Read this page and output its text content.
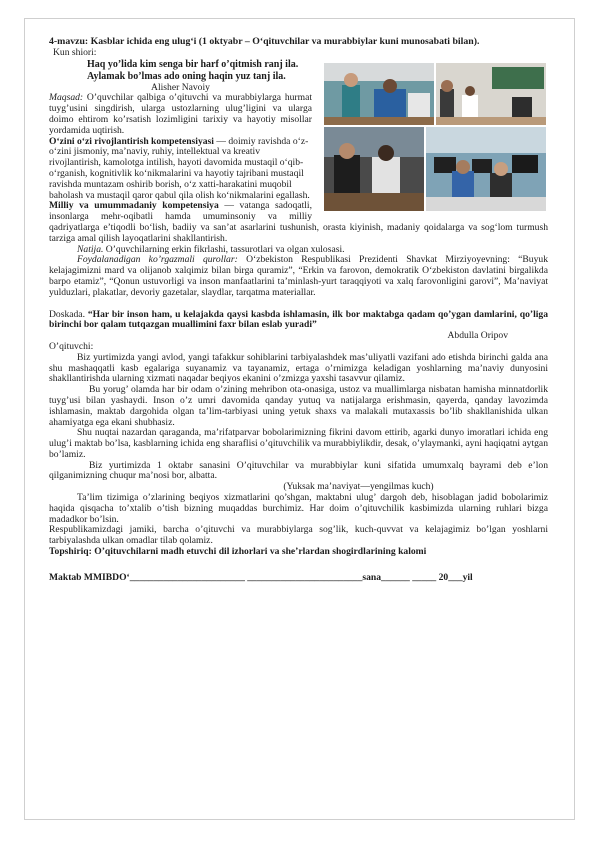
4-mavzu: Kasblar ichida eng ulug‘i (1 oktyabr – O‘qituvchilar va murabbiylar kuni munosabati bilan).

Kun shiori:

Haq yo’lida kim senga bir harf o’qitmish ranj ila.

Aylamak bo’lmas ado oning haqin yuz tanj ila.

Alisher Navoiy

Maqsad: O’quvchilar qalbiga o’qituvchi va murabbiylarga hurmat tuyg’usini singdirish, ularga ustozlarning ulug’ligini va ularga doimo ehtirom ko’rsatish lozimligini tarixiy va hayotiy misollar yordamida uqtirish.

O‘zini o‘zi rivojlantirish kompetensiyasi — doimiy ravishda o‘z-o‘zini jismoniy, ma’naviy, ruhiy, intellektual va kreativ rivojlantirish, kamolotga intilish, hayoti davomida mustaqil o‘qib-o‘rganish, kognitivlik ko‘nikmalarini va hayotiy tajribani mustaqil ravishda muntazam oshirib borish, o‘z xatti-harakatini muqobil baholash va mustaqil qaror qabul qila olish ko‘nikmalarini egallash.

Milliy va umummadaniy kompetensiya — vatanga sadoqatli, insonlarga mehr-oqibatli hamda umuminsoniy va milliy qadriyatlarga e’tiqodli bo‘lish, badiiy va san’at asarlarini tushunish, orasta kiyinish, madaniy qoidalarga va sog‘lom turmush tarziga amal qilish layoqatlarini shakllantirish.

Natija. O’quvchilarning erkin fikrlashi, tassurotlari va olgan xulosasi.

Foydalanadigan ko’rgazmali qurollar: O‘zbekiston Respublikasi Prezidenti Shavkat Mirziyoyevning: “Buyuk kelajagimizni mard va olijanob xalqimiz bilan birga quramiz”, “Erkin va farovon, demokratik O‘zbekiston davlatini birgalikda barpo etamiz”, “Qonun ustuvorligi va inson manfaatlarini ta’minlash-yurt taraqqiyoti va xalq farovonligini garovi”, Ma’naviyat yulduzlari, plakatlar, devoriy gazetalar, slaydlar, tarqatma materiallar.

Doskada. “Har bir inson ham, u kelajakda qaysi kasbda ishlamasin, ilk bor maktabga qadam qo’ygan damlarini, qo’liga birinchi bor qalam tutqazgan muallimini faxr bilan eslab yuradi”

Abdulla Oripov

O’qituvchi:

Biz yurtimizda yangi avlod, yangi tafakkur sohiblarini tarbiyalashdek mas’uliyatli vazifani ado etishda birinchi galda ana shu mashaqqatli kasb egalariga suyanamiz va tayanamiz, ertaga o’rnimizga keladigan yoshlarning ma’naviy dunyosini shakllantirishda ularning xizmati naqadar beqiyos ekanini o’zmizga yaxshi tasavvur qilamiz.

Bu yorug’ olamda har bir odam o’zining mehribon ota-onasiga, ustoz va muallimlarga nisbatan hamisha minnatdorlik tuyg’usi bilan yashaydi. Inson o’z umri davomida qanday yutuq va natijalarga erishmasin, qayerda, qanday lavozimda ishlamasin, maktab dargohida olgan ta’lim-tarbiyasi uning yetuk shaxs va malakali mutaxassis bo’lib shakllanishida ulkan ahamiyatga ega ekani shubhasiz.

Shu nuqtai nazardan qaraganda, ma’rifatparvar bobolarimizning fikrini davom ettirib, agarki dunyo imoratlari ichida eng ulug’i maktab bo’lsa, kasblarning ichida eng sharaflisi o’qituvchilik va murabbiylikdir, desak, o’ylaymanki, ayni haqiqatni aytgan bo’lamiz.

Biz yurtimizda 1 oktabr sanasini O’qituvchilar va murabbiylar kuni sifatida umumxalq bayrami deb e’lon qilganimizning chuqur ma’nosi bor, albatta.

(Yuksak ma’naviyat—yengilmas kuch)

Ta’lim tizimiga o’zlarining beqiyos xizmatlarini qo’shgan, maktabni ulug’ dargoh deb, hisoblagan jadid bobolarimiz haqida qisqacha to’xtalib o’tish bizning muqaddas burchimiz. Har doim o’qituvchilik kasbimizda ularning ruhlari bizga madadkor bo’lsin.

Respublikamizdagi jamiki, barcha o’qituvchi va murabbiylarga sog’lik, kuch-quvvat va kelajagimiz bo’lgan yoshlarni tarbiyalashda ulkan omadlar tilab qolamiz.

Topshiriq: O’qituvchilarni madh etuvchi dil izhorlari va she’rlardan shogirdlarining kalomi

Maktab MMIBDO‘________________________ ________________________sana______ _____ 20___yil
